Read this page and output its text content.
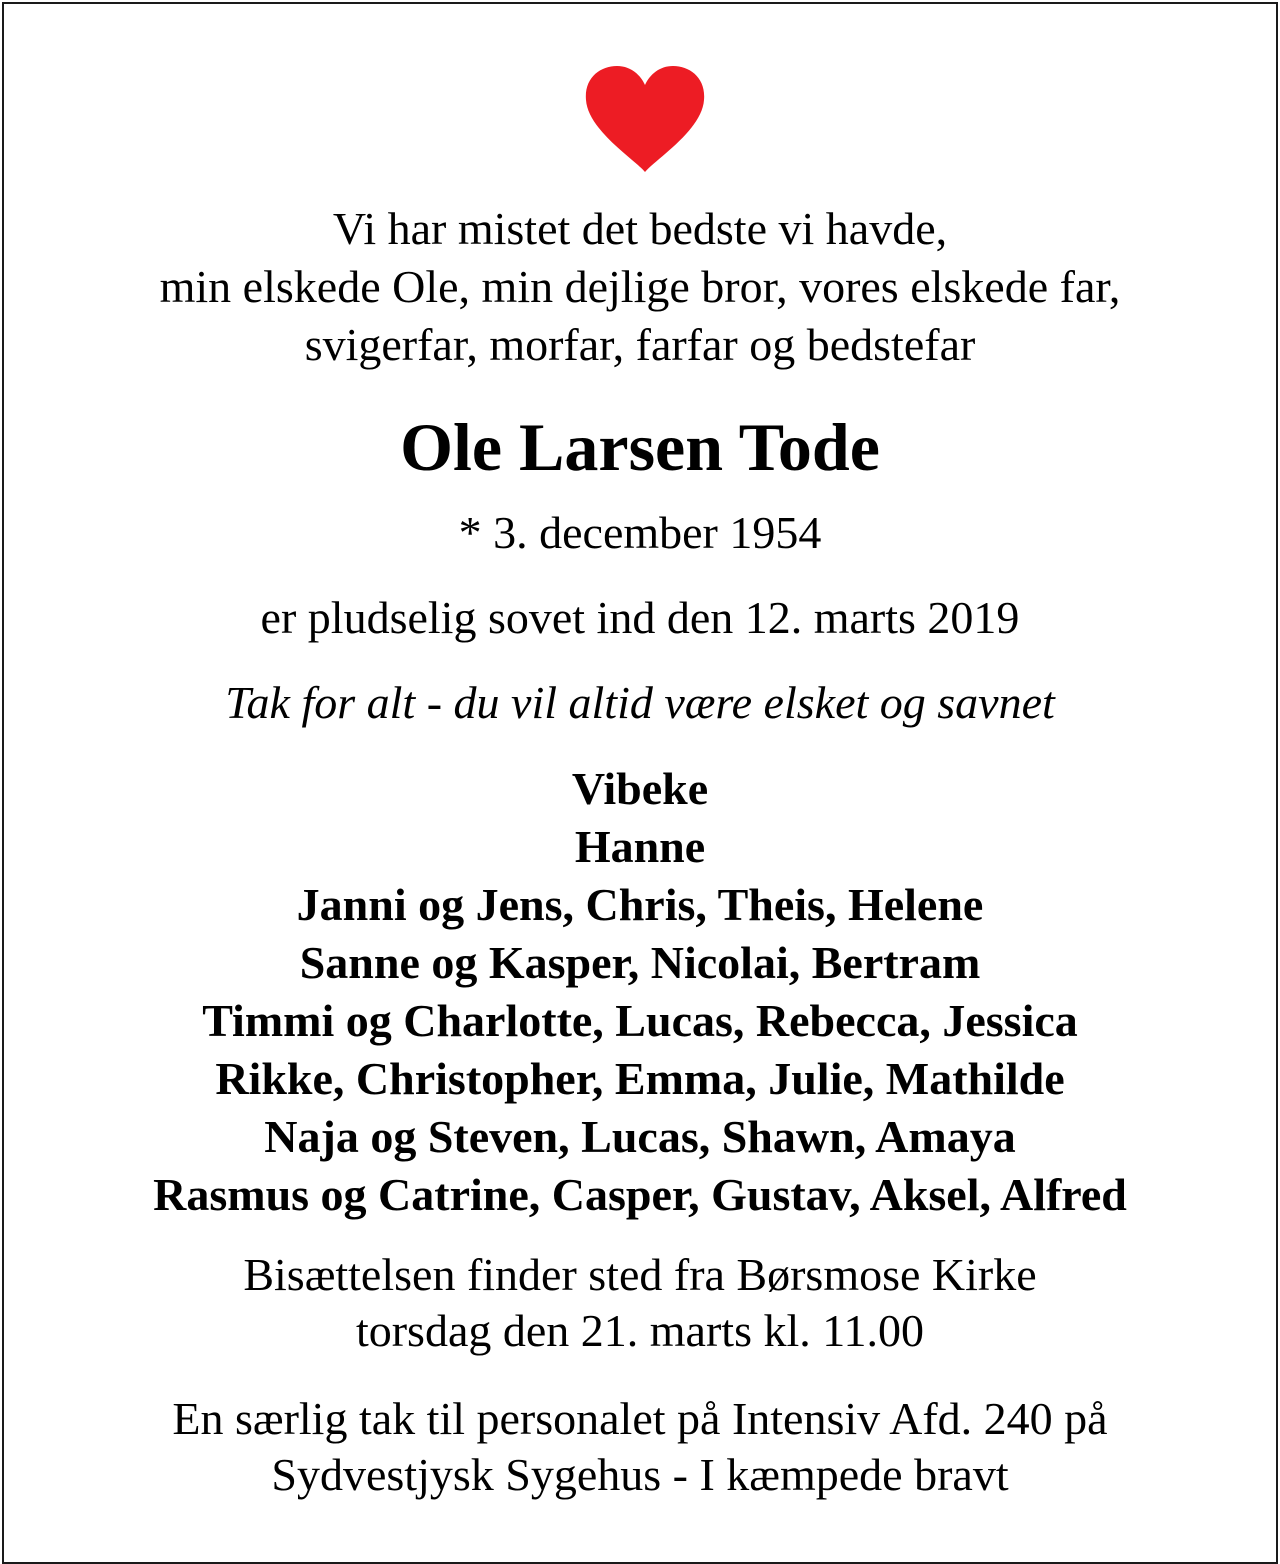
Vi har mistet det bedste vi havde,
min elskede Ole, min dejlige bror, vores elskede far,
svigerfar, morfar, farfar og bedstefar
Ole Larsen Tode
* 3. december 1954
er pludselig sovet ind den 12. marts 2019
Tak for alt - du vil altid være elsket og savnet
Vibeke
Hanne
Janni og Jens, Chris, Theis, Helene
Sanne og Kasper, Nicolai, Bertram
Timmi og Charlotte, Lucas, Rebecca, Jessica
Rikke, Christopher, Emma, Julie, Mathilde
Naja og Steven, Lucas, Shawn, Amaya
Rasmus og Catrine, Casper, Gustav, Aksel, Alfred
Bisættelsen finder sted fra Børsmose Kirke
torsdag den 21. marts kl. 11.00
En særlig tak til personalet på Intensiv Afd. 240 på
Sydvestjysk Sygehus - I kæmpede bravt
